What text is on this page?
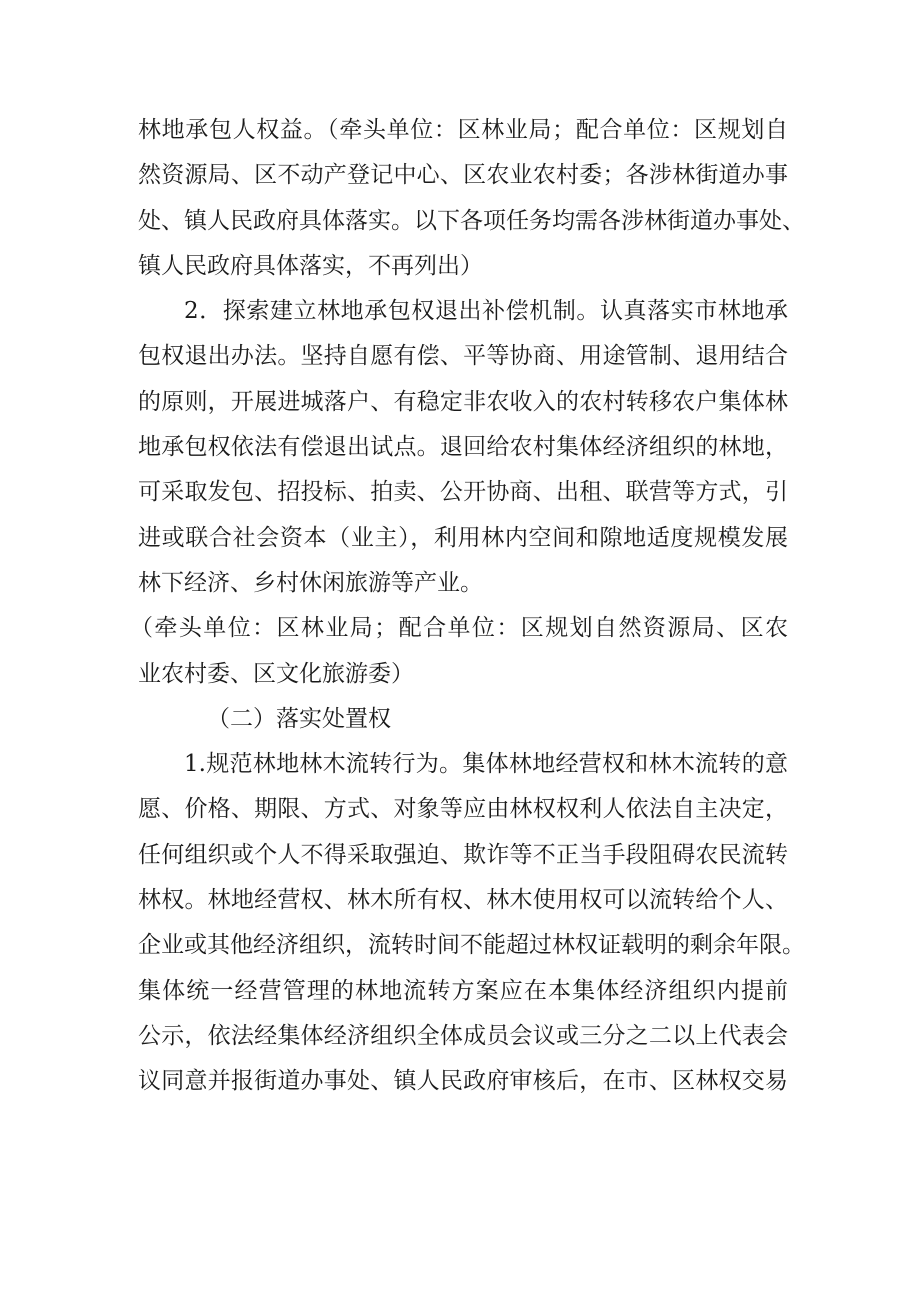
林地承包人权益。（牵头单位：区林业局；配合单位：区规划自
然资源局、区不动产登记中心、区农业农村委；各涉林街道办事
处、镇人民政府具体落实。以下各项任务均需各涉林街道办事处、
镇人民政府具体落实，不再列出）
2．探索建立林地承包权退出补偿机制。认真落实市林地承
包权退出办法。坚持自愿有偿、平等协商、用途管制、退用结合
的原则，开展进城落户、有稳定非农收入的农村转移农户集体林
地承包权依法有偿退出试点。退回给农村集体经济组织的林地，
可采取发包、招投标、拍卖、公开协商、出租、联营等方式，引
进或联合社会资本（业主），利用林内空间和隙地适度规模发展
林下经济、乡村休闲旅游等产业。
（牵头单位：区林业局；配合单位：区规划自然资源局、区农
业农村委、区文化旅游委）
（二）落实处置权
1.规范林地林木流转行为。集体林地经营权和林木流转的意
愿、价格、期限、方式、对象等应由林权权利人依法自主决定，
任何组织或个人不得采取强迫、欺诈等不正当手段阻碍农民流转
林权。林地经营权、林木所有权、林木使用权可以流转给个人、
企业或其他经济组织，流转时间不能超过林权证载明的剩余年限。
集体统一经营管理的林地流转方案应在本集体经济组织内提前
公示，依法经集体经济组织全体成员会议或三分之二以上代表会
议同意并报街道办事处、镇人民政府审核后，在市、区林权交易
